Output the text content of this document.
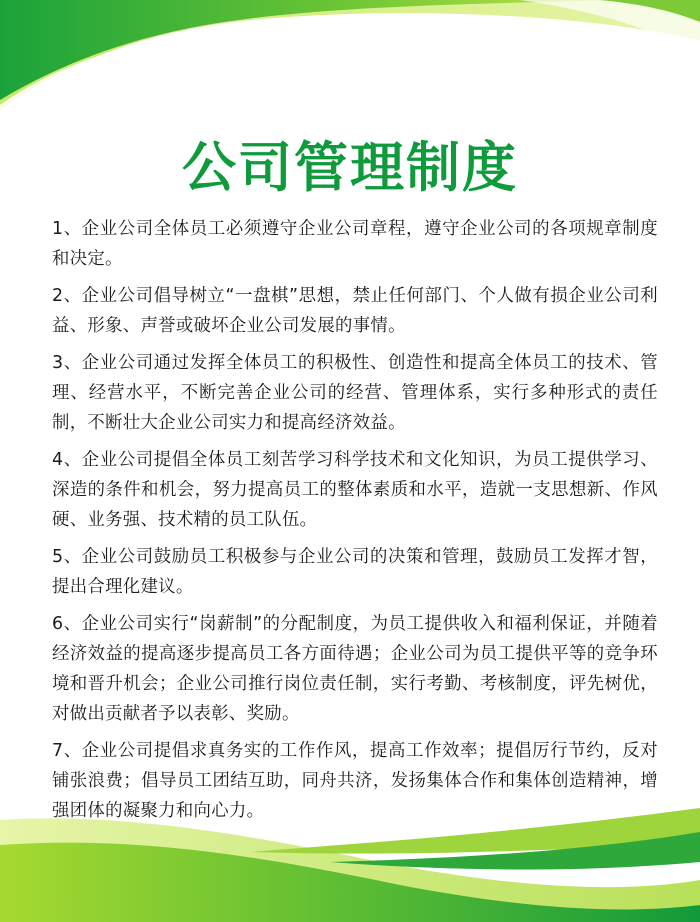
公司管理制度

1、企业公司全体员工必须遵守企业公司章程，遵守企业公司的各项规章制度和决定。

2、企业公司倡导树立“一盘棋”思想，禁止任何部门、个人做有损企业公司利益、形象、声誉或破坏企业公司发展的事情。

3、企业公司通过发挥全体员工的积极性、创造性和提高全体员工的技术、管理、经营水平，不断完善企业公司的经营、管理体系，实行多种形式的责任制，不断壮大企业公司实力和提高经济效益。

4、企业公司提倡全体员工刻苦学习科学技术和文化知识，为员工提供学习、深造的条件和机会，努力提高员工的整体素质和水平，造就一支思想新、作风硬、业务强、技术精的员工队伍。

5、企业公司鼓励员工积极参与企业公司的决策和管理，鼓励员工发挥才智，提出合理化建议。

6、企业公司实行“岗薪制”的分配制度，为员工提供收入和福利保证，并随着经济效益的提高逐步提高员工各方面待遇；企业公司为员工提供平等的竞争环境和晋升机会；企业公司推行岗位责任制，实行考勤、考核制度，评先树优，对做出贡献者予以表彰、奖励。

7、企业公司提倡求真务实的工作作风，提高工作效率；提倡厉行节约，反对铺张浪费；倡导员工团结互助，同舟共济，发扬集体合作和集体创造精神，增强团体的凝聚力和向心力。
